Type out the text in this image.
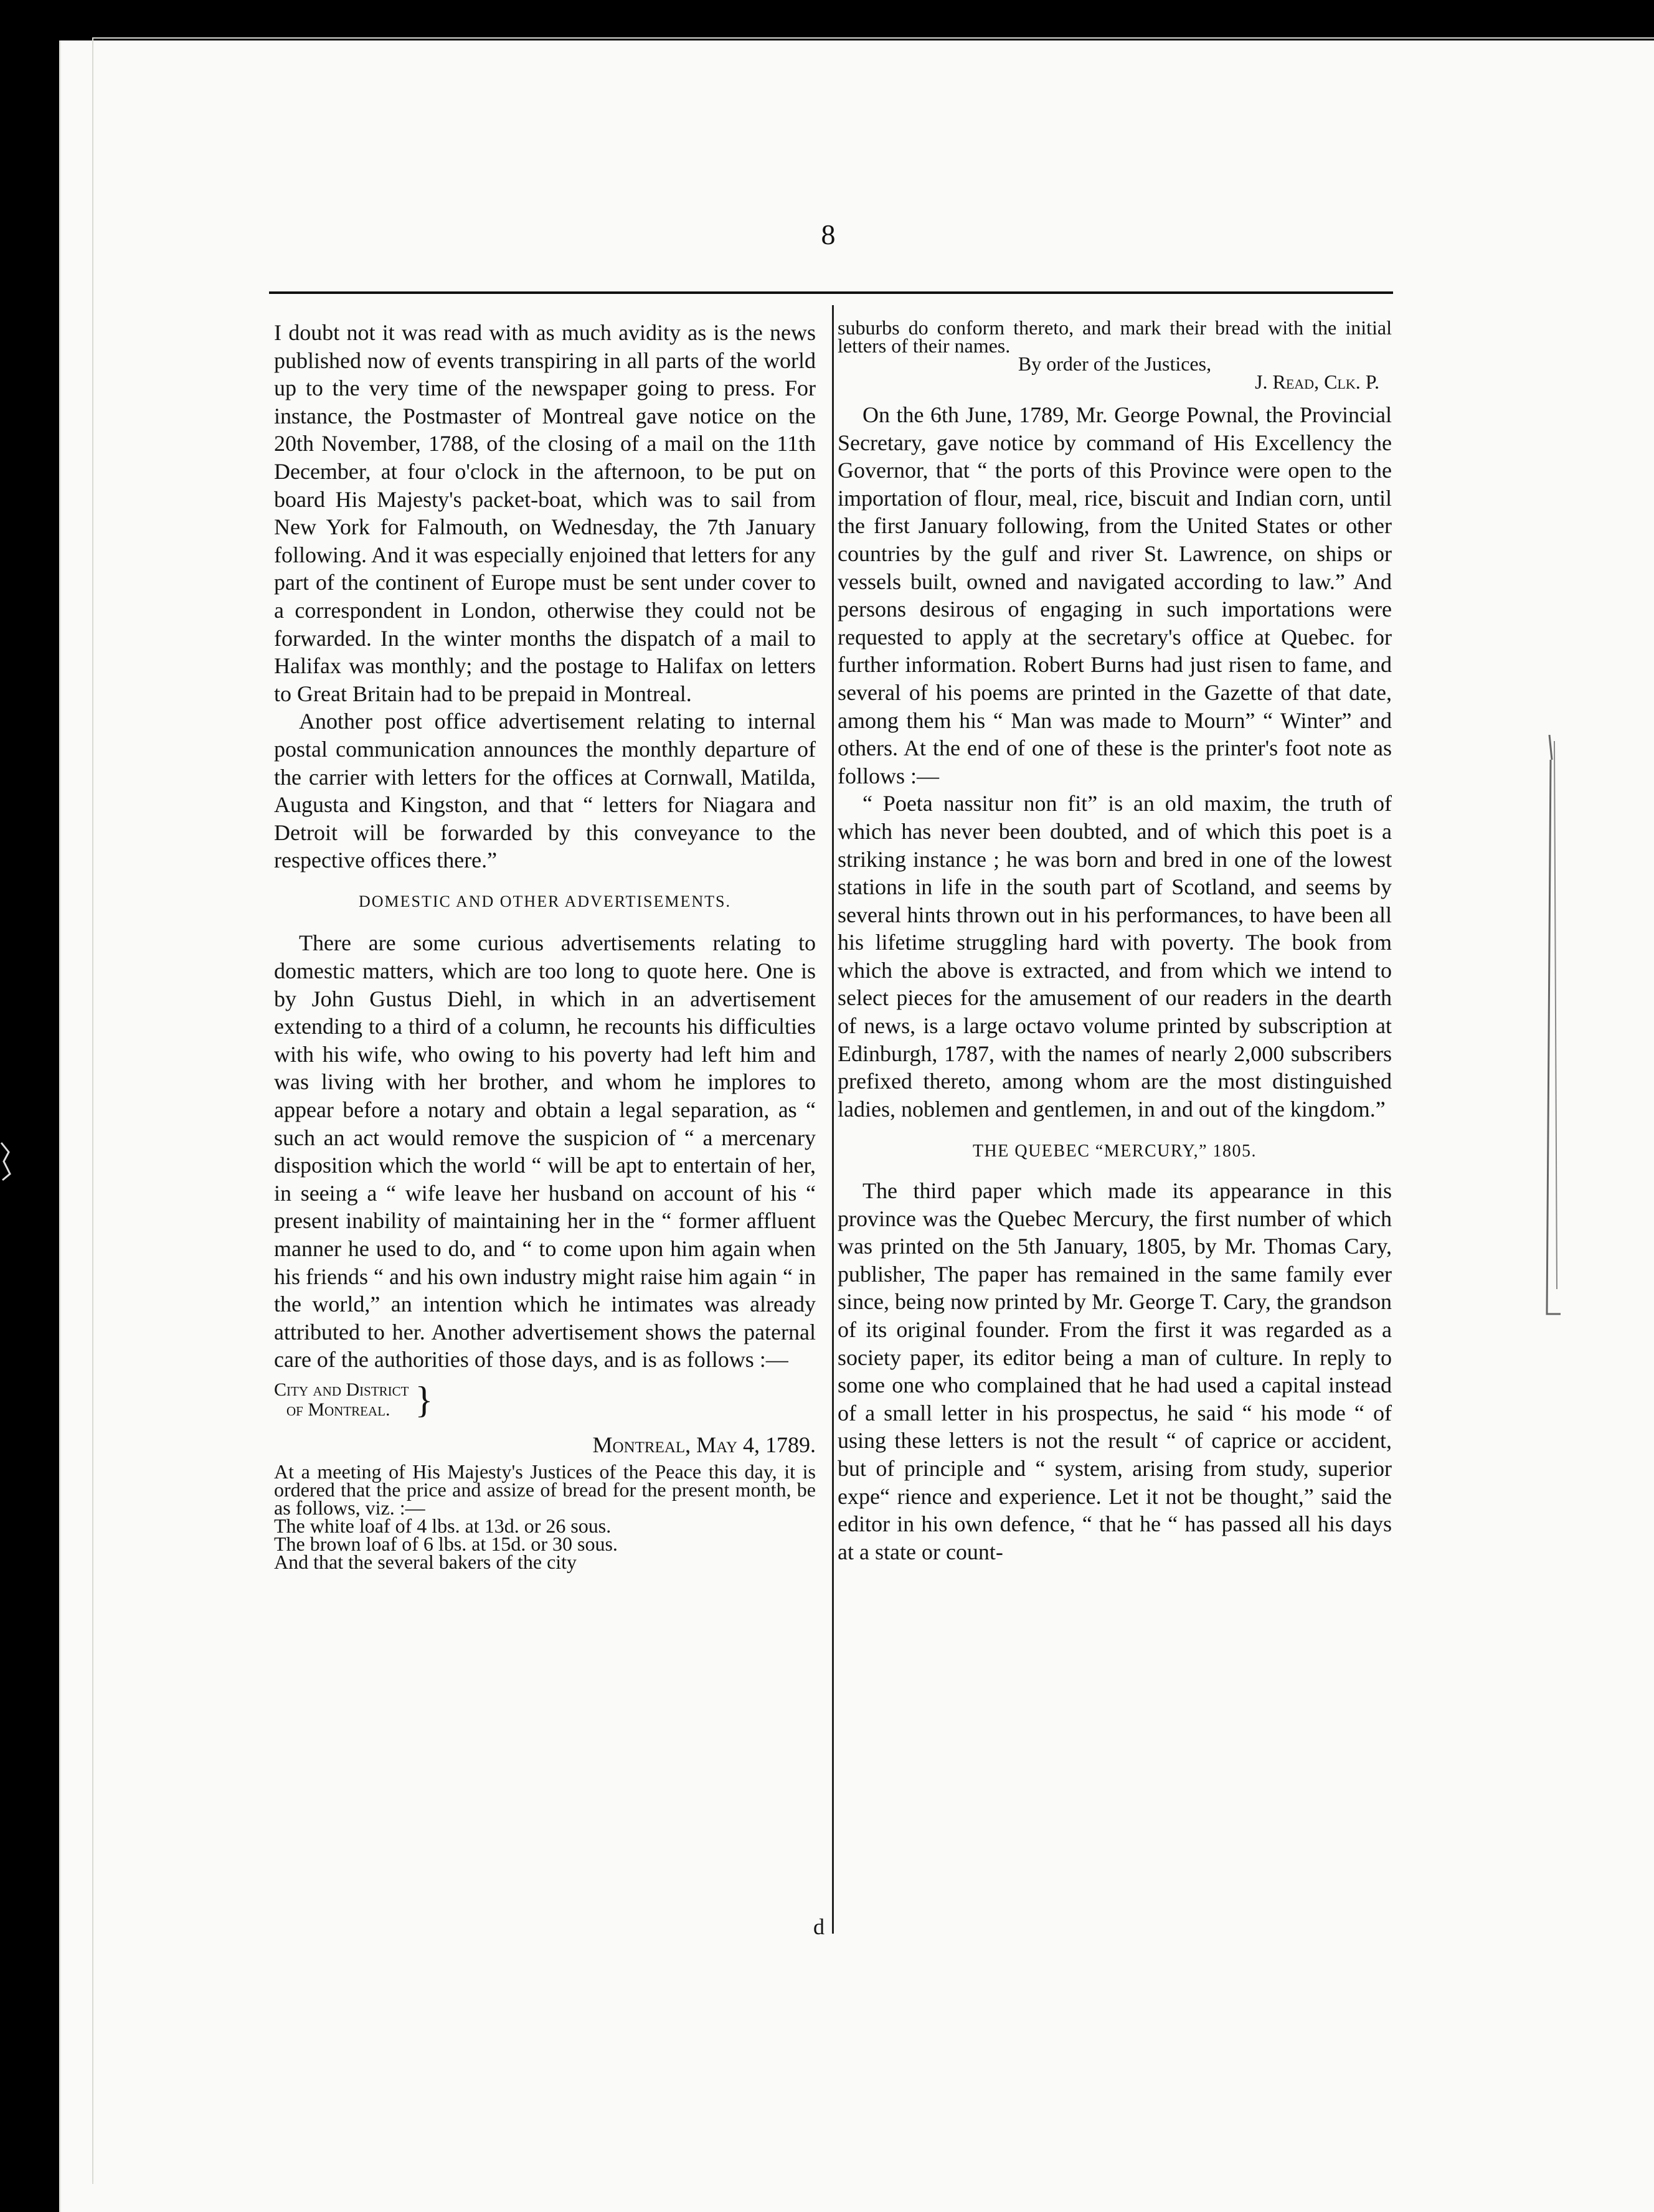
8

I doubt not it was read with as much avidity as is the news published now of events transpiring in all parts of the world up to the very time of the newspaper going to press. For instance, the Postmaster of Montreal gave notice on the 20th November, 1788, of the closing of a mail on the 11th December, at four o'clock in the afternoon, to be put on board His Majesty's packet-boat, which was to sail from New York for Falmouth, on Wednesday, the 7th January following. And it was especially enjoined that letters for any part of the continent of Europe must be sent under cover to a correspondent in London, otherwise they could not be forwarded. In the winter months the dispatch of a mail to Halifax was monthly; and the postage to Halifax on letters to Great Britain had to be prepaid in Montreal.

Another post office advertisement relating to internal postal communication announces the monthly departure of the carrier with letters for the offices at Cornwall, Matilda, Augusta and Kingston, and that “ letters for Niagara and Detroit will be forwarded by this conveyance to the respective offices there.”

DOMESTIC AND OTHER ADVERTISEMENTS.

There are some curious advertisements relating to domestic matters, which are too long to quote here. One is by John Gustus Diehl, in which in an advertisement extending to a third of a column, he recounts his difficulties with his wife, who owing to his poverty had left him and was living with her brother, and whom he implores to appear before a notary and obtain a legal separation, as “ such an act would remove the suspicion of “ a mercenary disposition which the world “ will be apt to entertain of her, in seeing a “ wife leave her husband on account of his “ present inability of maintaining her in the “ former affluent manner he used to do, and “ to come upon him again when his friends “ and his own industry might raise him again “ in the world,” an intention which he intimates was already attributed to her. Another advertisement shows the paternal care of the authorities of those days, and is as follows :—

City and District
of Montreal. }
Montreal, May 4, 1789.

At a meeting of His Majesty's Justices of the Peace this day, it is ordered that the price and assize of bread for the present month, be as follows, viz. :—

The white loaf of 4 lbs. at 13d. or 26 sous.
The brown loaf of 6 lbs. at 15d. or 30 sous.
And that the several bakers of the city
d

suburbs do conform thereto, and mark their bread with the initial letters of their names.

By order of the Justices,
J. Read, Clk. P.

On the 6th June, 1789, Mr. George Pownal, the Provincial Secretary, gave notice by command of His Excellency the Governor, that “ the ports of this Province were open to the importation of flour, meal, rice, biscuit and Indian corn, until the first January following, from the United States or other countries by the gulf and river St. Lawrence, on ships or vessels built, owned and navigated according to law.” And persons desirous of engaging in such importations were requested to apply at the secretary's office at Quebec. for further information. Robert Burns had just risen to fame, and several of his poems are printed in the Gazette of that date, among them his “ Man was made to Mourn” “ Winter” and others. At the end of one of these is the printer's foot note as follows :—

“ Poeta nassitur non fit” is an old maxim, the truth of which has never been doubted, and of which this poet is a striking instance ; he was born and bred in one of the lowest stations in life in the south part of Scotland, and seems by several hints thrown out in his performances, to have been all his lifetime struggling hard with poverty. The book from which the above is extracted, and from which we intend to select pieces for the amusement of our readers in the dearth of news, is a large octavo volume printed by subscription at Edinburgh, 1787, with the names of nearly 2,000 subscribers prefixed thereto, among whom are the most distinguished ladies, noblemen and gentlemen, in and out of the kingdom.”

THE QUEBEC “MERCURY,” 1805.

The third paper which made its appearance in this province was the Quebec Mercury, the first number of which was printed on the 5th January, 1805, by Mr. Thomas Cary, publisher, The paper has remained in the same family ever since, being now printed by Mr. George T. Cary, the grandson of its original founder. From the first it was regarded as a society paper, its editor being a man of culture. In reply to some one who complained that he had used a capital instead of a small letter in his prospectus, he said “ his mode “ of using these letters is not the result “ of caprice or accident, but of principle and “ system, arising from study, superior expe“ rience and experience. Let it not be thought,” said the editor in his own defence, “ that he “ has passed all his days at a state or count-
